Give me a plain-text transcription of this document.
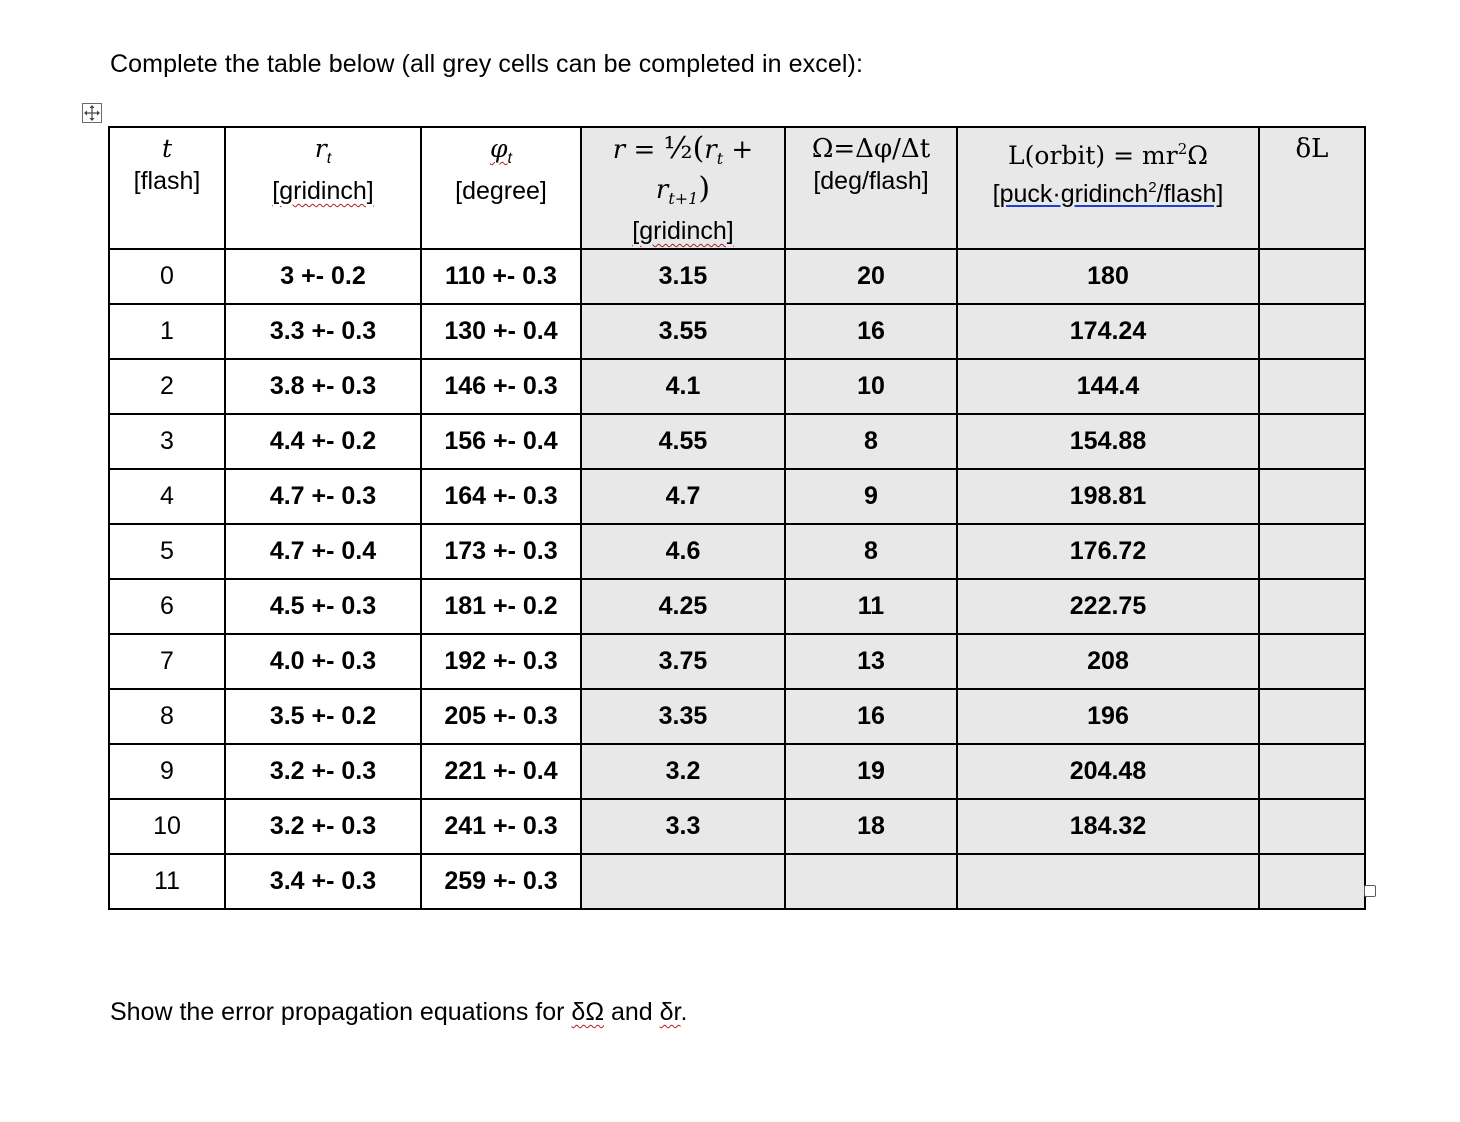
Complete the table below (all grey cells can be completed in excel):
t
[flash]	$r_t$
[gridinch]	$\varphi_t$
[degree]	$r = \frac{1}{2}(r_t + r_{t+1})$
[gridinch]	Ω=Δφ/Δt
[deg/flash]	L(orbit) = $mr^2\Omega$
[puck·gridinch$^2$/flash]	δL

0	3 +- 0.2	110 +- 0.3	3.15	20	180	
1	3.3 +- 0.3	130 +- 0.4	3.55	16	174.24	
2	3.8 +- 0.3	146 +- 0.3	4.1	10	144.4	
3	4.4 +- 0.2	156 +- 0.4	4.55	8	154.88	
4	4.7 +- 0.3	164 +- 0.3	4.7	9	198.81	
5	4.7 +- 0.4	173 +- 0.3	4.6	8	176.72	
6	4.5 +- 0.3	181 +- 0.2	4.25	11	222.75	
7	4.0 +- 0.3	192 +- 0.3	3.75	13	208	
8	3.5 +- 0.2	205 +- 0.3	3.35	16	196	
9	3.2 +- 0.3	221 +- 0.4	3.2	19	204.48	
10	3.2 +- 0.3	241 +- 0.3	3.3	18	184.32	
11	3.4 +- 0.3	259 +- 0.3				
Show the error propagation equations for δΩ and δr.
